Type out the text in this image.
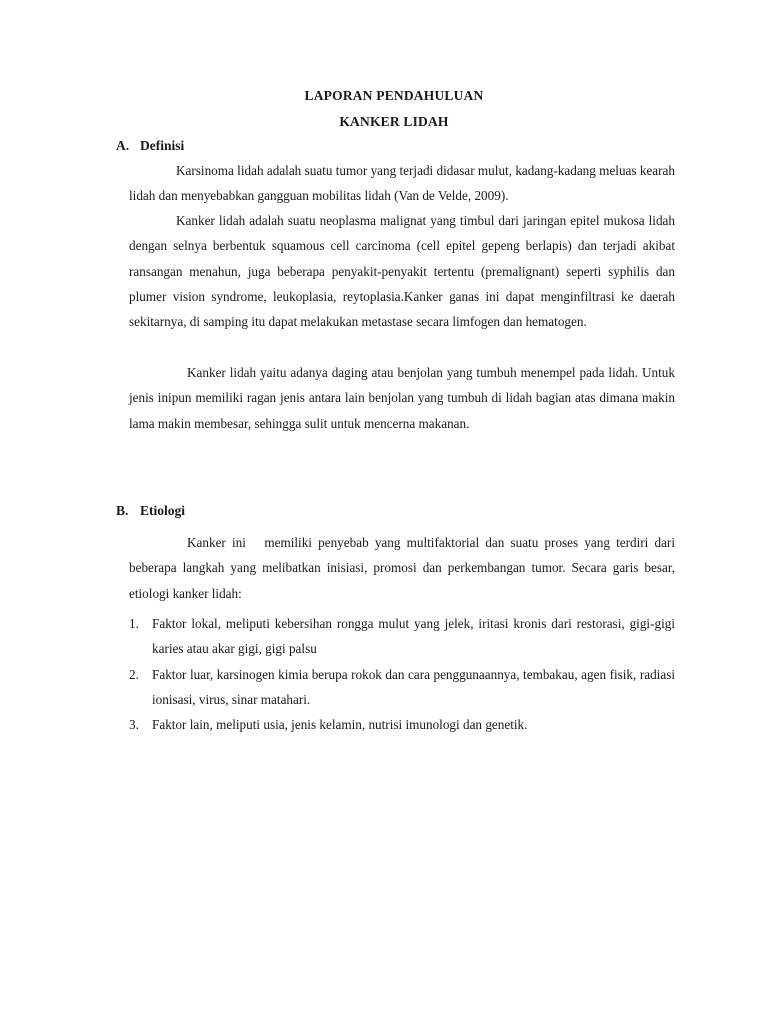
LAPORAN PENDAHULUAN
KANKER LIDAH
A. Definisi

Karsinoma lidah adalah suatu tumor yang terjadi didasar mulut, kadang-kadang meluas kearah lidah dan menyebabkan gangguan mobilitas lidah (Van de Velde, 2009).

Kanker lidah adalah suatu neoplasma malignat yang timbul dari jaringan epitel mukosa lidah dengan selnya berbentuk squamous cell carcinoma (cell epitel gepeng berlapis) dan terjadi akibat ransangan menahun, juga beberapa penyakit-penyakit tertentu (premalignant) seperti syphilis dan plumer vision syndrome, leukoplasia, reytoplasia.Kanker ganas ini dapat menginfiltrasi ke daerah sekitarnya, di samping itu dapat melakukan metastase secara limfogen dan hematogen.

Kanker lidah yaitu adanya daging atau benjolan yang tumbuh menempel pada lidah. Untuk jenis inipun memiliki ragan jenis antara lain benjolan yang tumbuh di lidah bagian atas dimana makin lama makin membesar, sehingga sulit untuk mencerna makanan.

B. Etiologi

Kanker ini   memiliki penyebab yang multifaktorial dan suatu proses yang terdiri dari beberapa langkah yang melibatkan inisiasi, promosi dan perkembangan tumor. Secara garis besar, etiologi kanker lidah:

1. Faktor lokal, meliputi kebersihan rongga mulut yang jelek, iritasi kronis dari restorasi, gigi-gigi karies atau akar gigi, gigi palsu
2. Faktor luar, karsinogen kimia berupa rokok dan cara penggunaannya, tembakau, agen fisik, radiasi ionisasi, virus, sinar matahari.
3. Faktor lain, meliputi usia, jenis kelamin, nutrisi imunologi dan genetik.
